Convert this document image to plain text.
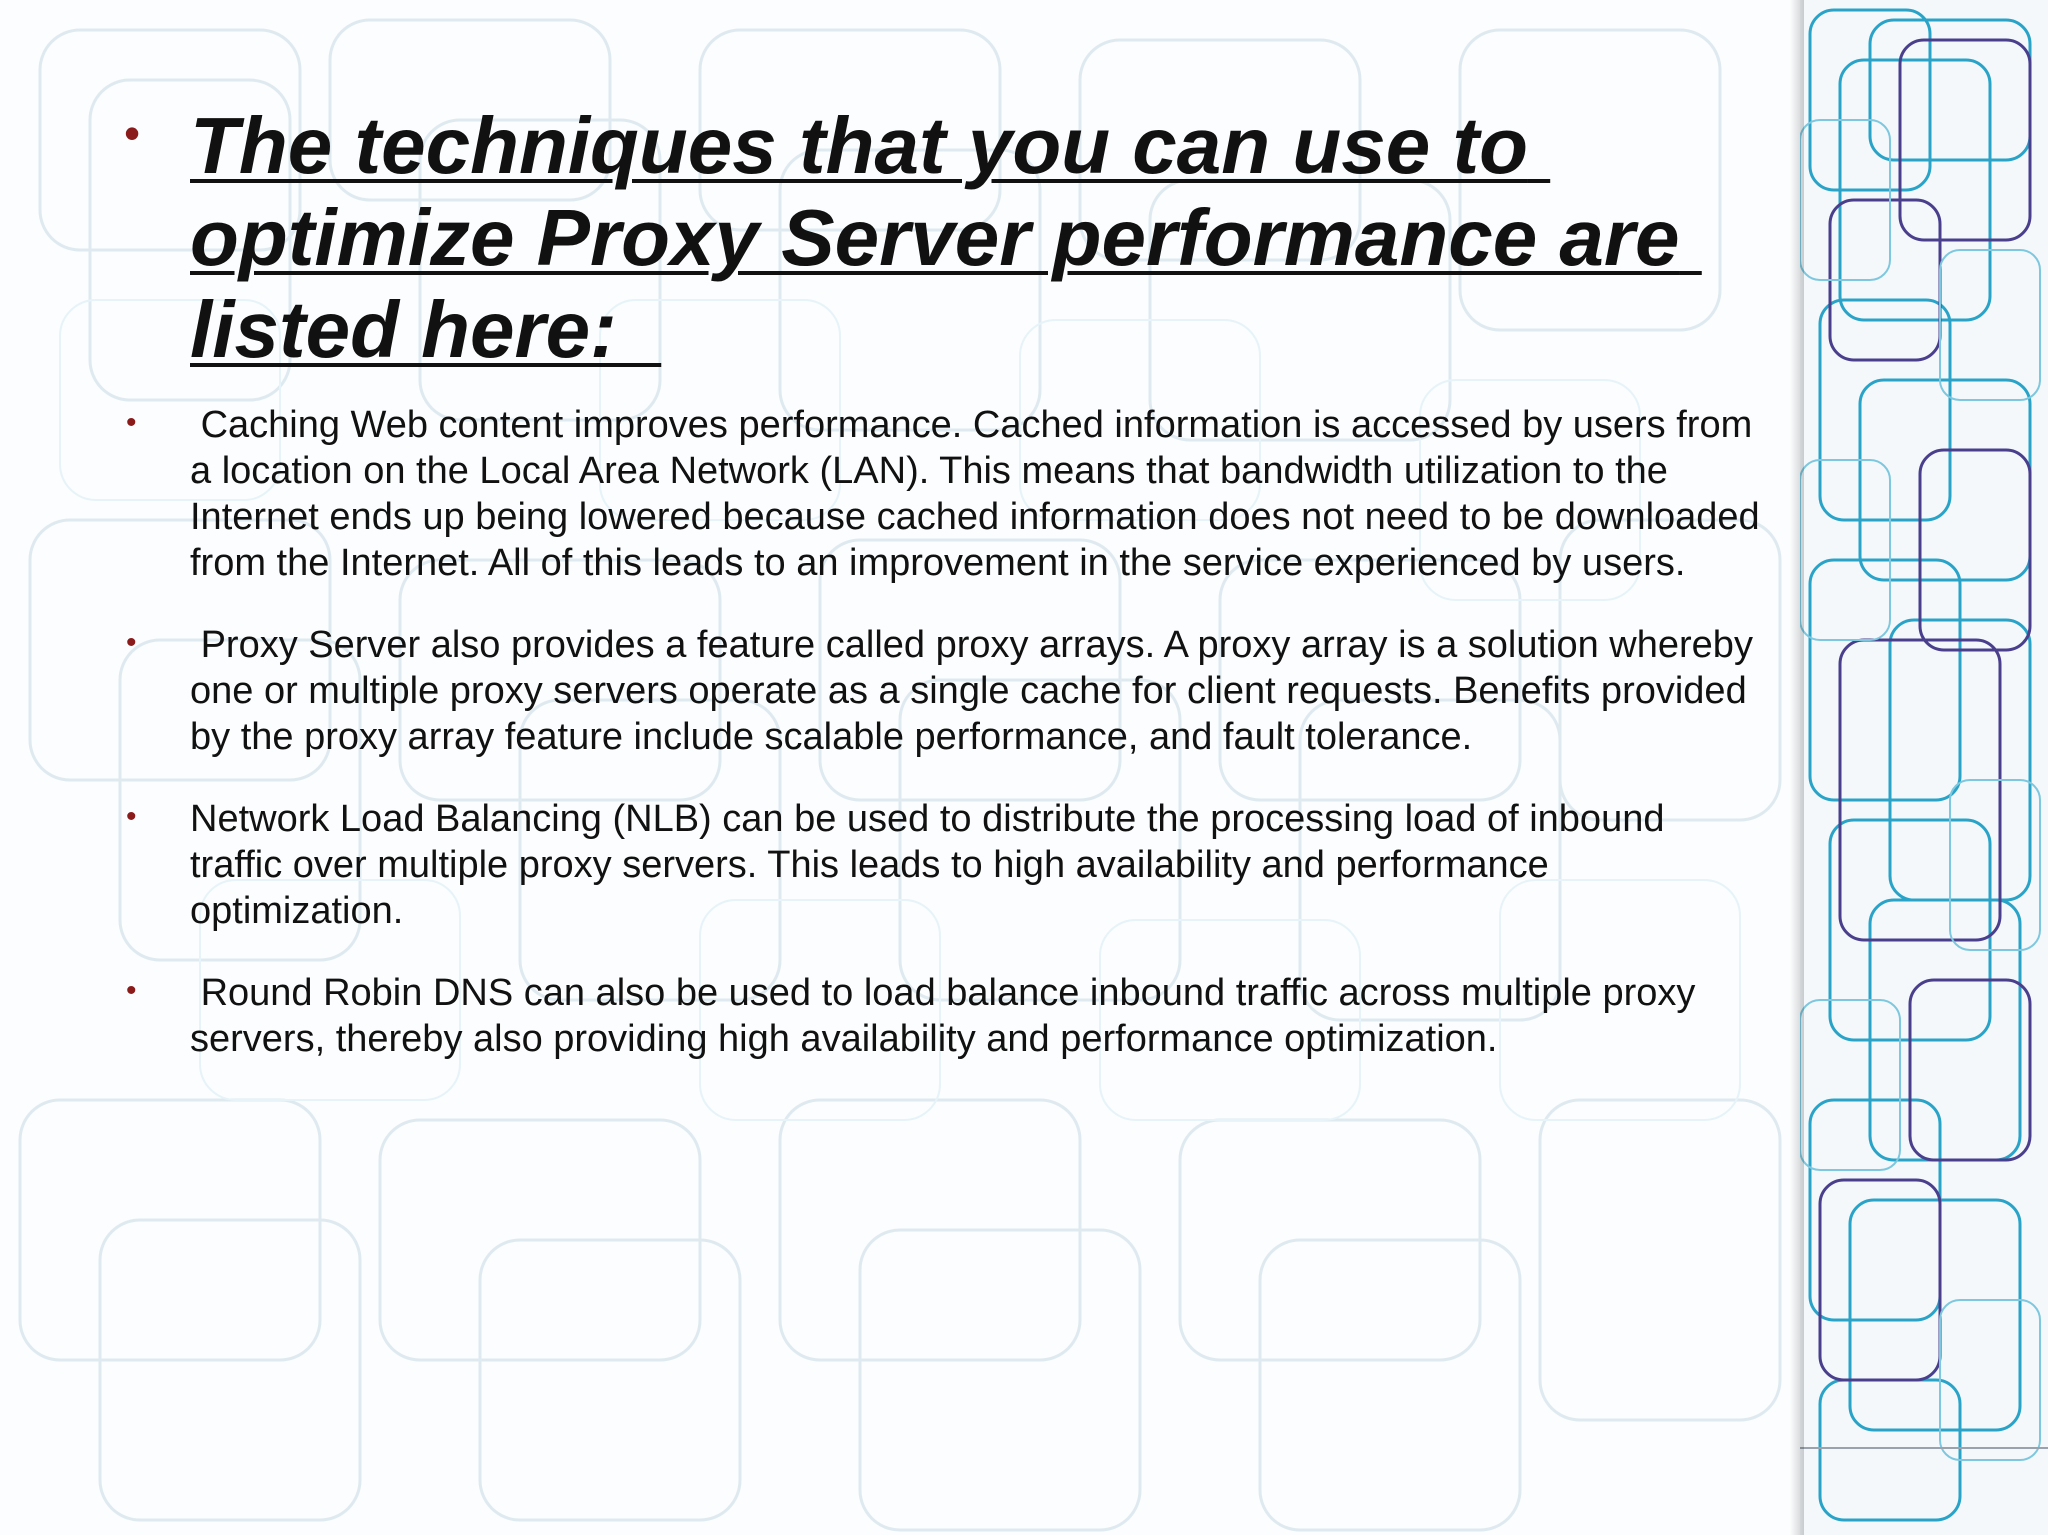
• The techniques that you can use to optimize Proxy Server performance are listed here:
• Caching Web content improves performance. Cached information is accessed by users from a location on the Local Area Network (LAN). This means that bandwidth utilization to the Internet ends up being lowered because cached information does not need to be downloaded from the Internet. All of this leads to an improvement in the service experienced by users.
• Proxy Server also provides a feature called proxy arrays. A proxy array is a solution whereby one or multiple proxy servers operate as a single cache for client requests. Benefits provided by the proxy array feature include scalable performance, and fault tolerance.
• Network Load Balancing (NLB) can be used to distribute the processing load of inbound traffic over multiple proxy servers. This leads to high availability and performance optimization.
• Round Robin DNS can also be used to load balance inbound traffic across multiple proxy servers, thereby also providing high availability and performance optimization.
